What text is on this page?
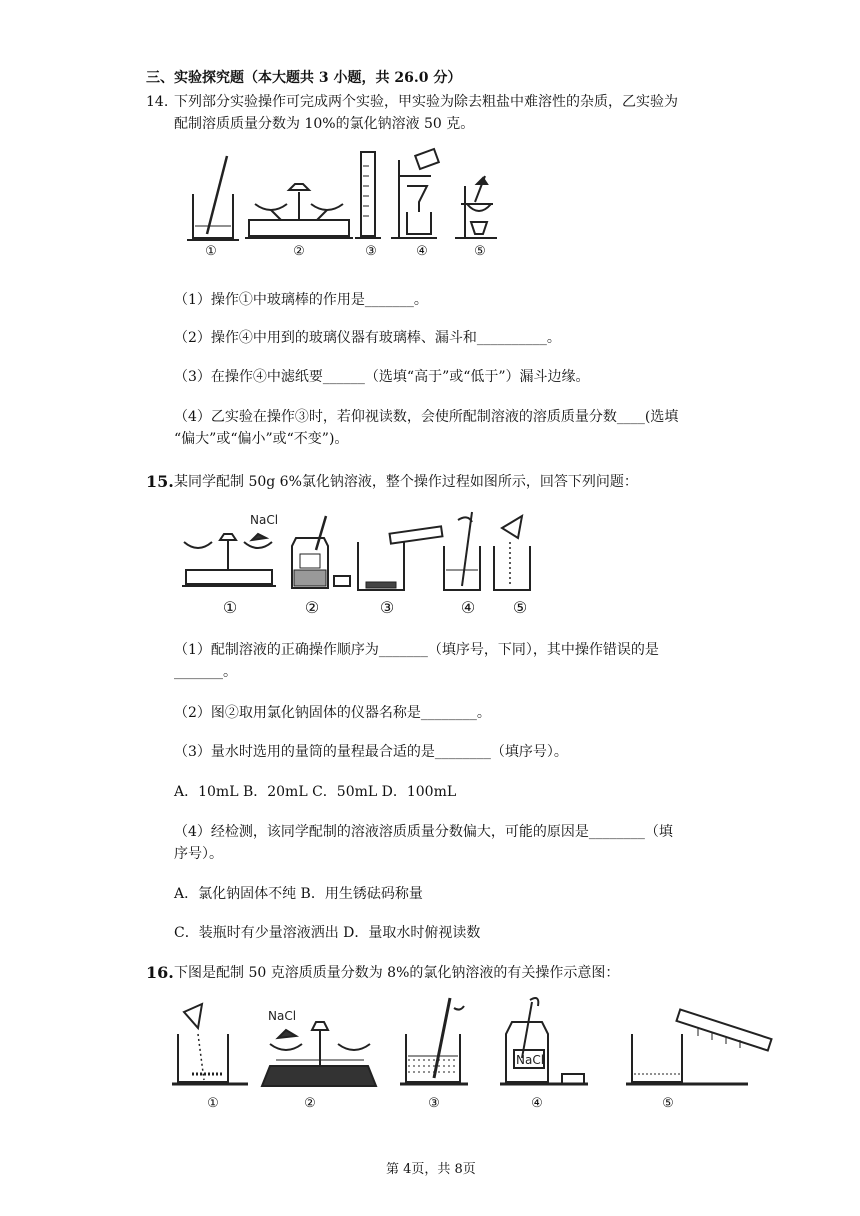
三、实验探究题（本大题共 3 小题，共 26.0 分）
14. 下列部分实验操作可完成两个实验，甲实验为除去粗盐中难溶性的杂质，乙实验为
配制溶质质量分数为 10%的氯化钠溶液 50 克。
①	②	③	④	⑤
（1）操作①中玻璃棒的作用是_______。
（2）操作④中用到的玻璃仪器有玻璃棒、漏斗和__________。
（3）在操作④中滤纸要______（选填“高于”或“低于”）漏斗边缘。
（4）乙实验在操作③时，若仰视读数，会使所配制溶液的溶质质量分数____(选填
“偏大”或“偏小”或“不变”)。
15. 某同学配制 50g 6%氯化钠溶液，整个操作过程如图所示，回答下列问题：
NaCl
①	②	③	④ ⑤
（1）配制溶液的正确操作顺序为_______（填序号，下同），其中操作错误的是
_______。
（2）图②取用氯化钠固体的仪器名称是________。
（3）量水时选用的量筒的量程最合适的是________（填序号）。
A．10mL B．20mL C．50mL D．100mL
（4）经检测，该同学配制的溶液溶质质量分数偏大，可能的原因是________（填
序号）。
A．氯化钠固体不纯 B．用生锈砝码称量
C．装瓶时有少量溶液洒出 D．量取水时俯视读数
16. 下图是配制 50 克溶质质量分数为 8%的氯化钠溶液的有关操作示意图：
NaCl
NaCl
①	②	③	④	⑤
第 4页，共 8页
